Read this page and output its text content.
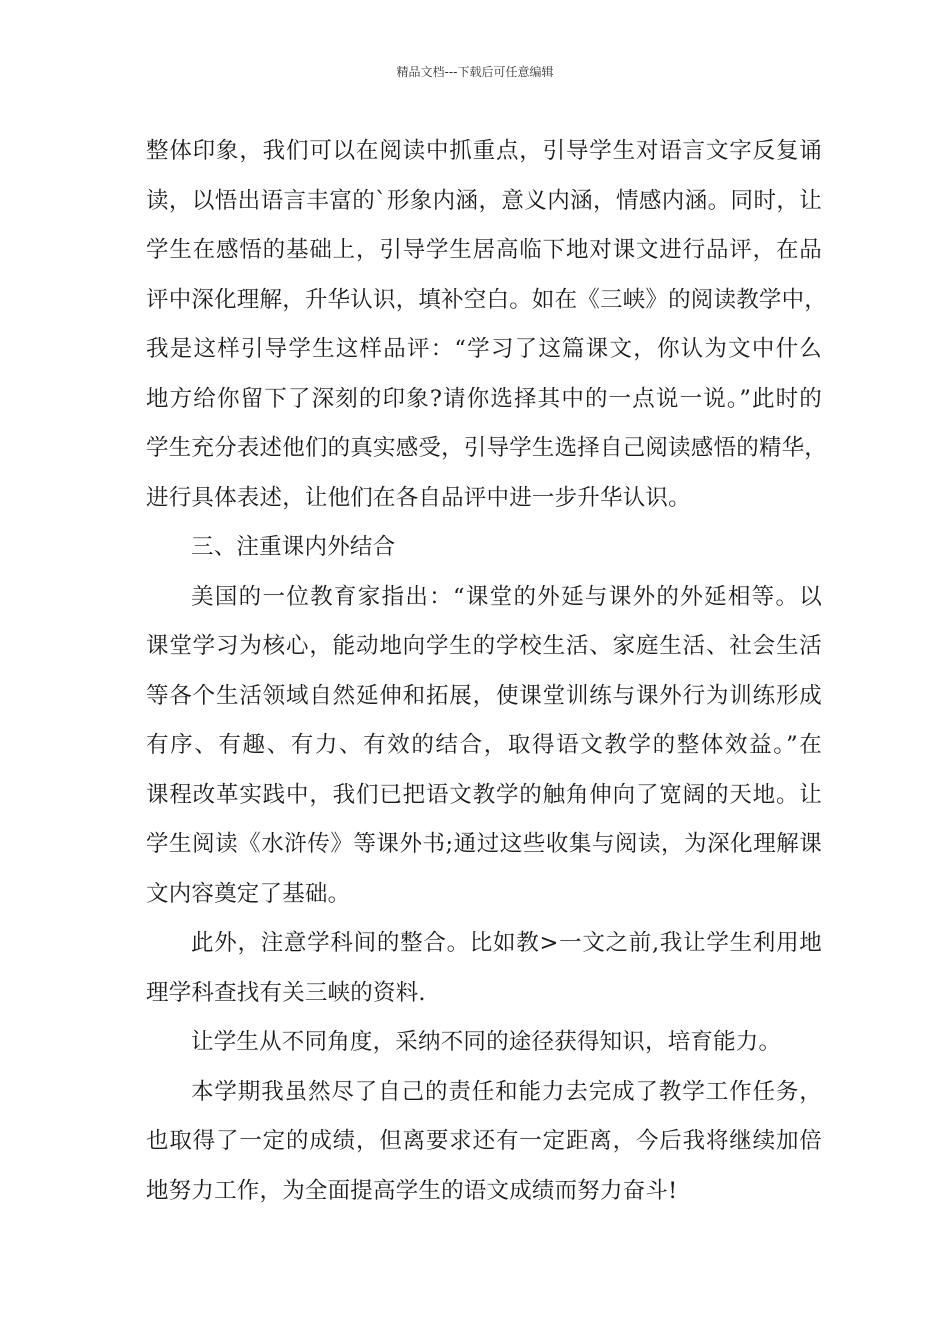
精品文档---下载后可任意编辑
整体印象，我们可以在阅读中抓重点，引导学生对语言文字反复诵
读，以悟出语言丰富的`形象内涵，意义内涵，情感内涵。同时，让
学生在感悟的基础上，引导学生居高临下地对课文进行品评，在品
评中深化理解，升华认识，填补空白。如在《三峡》的阅读教学中，
我是这样引导学生这样品评：“学习了这篇课文，你认为文中什么
地方给你留下了深刻的印象?请你选择其中的一点说一说。”此时的
学生充分表述他们的真实感受，引导学生选择自己阅读感悟的精华，
进行具体表述，让他们在各自品评中进一步升华认识。
三、注重课内外结合
美国的一位教育家指出：“课堂的外延与课外的外延相等。以
课堂学习为核心，能动地向学生的学校生活、家庭生活、社会生活
等各个生活领域自然延伸和拓展，使课堂训练与课外行为训练形成
有序、有趣、有力、有效的结合，取得语文教学的整体效益。”在
课程改革实践中，我们已把语文教学的触角伸向了宽阔的天地。让
学生阅读《水浒传》等课外书;通过这些收集与阅读，为深化理解课
文内容奠定了基础。
此外，注意学科间的整合。比如教>一文之前,我让学生利用地
理学科查找有关三峡的资料.
让学生从不同角度，采纳不同的途径获得知识，培育能力。
本学期我虽然尽了自己的责任和能力去完成了教学工作任务，
也取得了一定的成绩，但离要求还有一定距离，今后我将继续加倍
地努力工作，为全面提高学生的语文成绩而努力奋斗!
